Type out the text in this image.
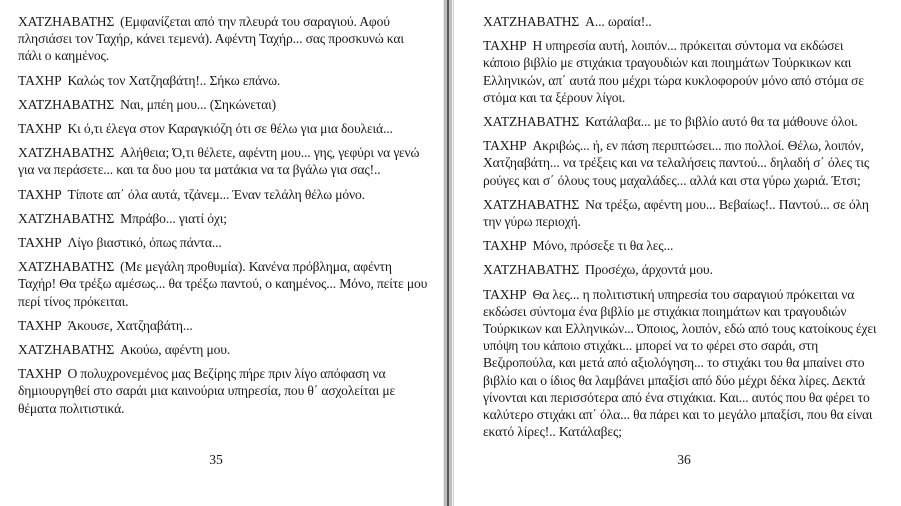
ΧΑΤΖΗΑΒΑΤΗΣ (Εμφανίζεται από την πλευρά του σαραγιού. Αφού πλησιάσει τον Ταχήρ, κάνει τεμενά). Αφέντη Ταχήρ... σας προσκυνώ και πάλι ο καημένος.

ΤΑΧΗΡ Καλώς τον Χατζηαβάτη!.. Σήκω επάνω.

ΧΑΤΖΗΑΒΑΤΗΣ Ναι, μπέη μου... (Σηκώνεται)

ΤΑΧΗΡ Κι ό,τι έλεγα στον Καραγκιόζη ότι σε θέλω για μια δουλειά...

ΧΑΤΖΗΑΒΑΤΗΣ Αλήθεια; Ό,τι θέλετε, αφέντη μου... γης, γεφύρι να γενώ για να περάσετε... και τα δυο μου τα ματάκια να τα βγάλω για σας!..

ΤΑΧΗΡ Τίποτε απ΄ όλα αυτά, τζάνεμ... Έναν τελάλη θέλω μόνο.

ΧΑΤΖΗΑΒΑΤΗΣ Μπράβο... γιατί όχι;

ΤΑΧΗΡ Λίγο βιαστικό, όπως πάντα...

ΧΑΤΖΗΑΒΑΤΗΣ (Με μεγάλη προθυμία). Κανένα πρόβλημα, αφέντη Ταχήρ! Θα τρέξω αμέσως... θα τρέξω παντού, ο καημένος... Μόνο, πείτε μου περί τίνος πρόκειται.

ΤΑΧΗΡ Άκουσε, Χατζηαβάτη...

ΧΑΤΖΗΑΒΑΤΗΣ Ακούω, αφέντη μου.

ΤΑΧΗΡ Ο πολυχρονεμένος μας Βεζίρης πήρε πριν λίγο απόφαση να δημιουργηθεί στο σαράι μια καινούρια υπηρεσία, που θ΄ ασχολείται με θέματα πολιτιστικά.

35

ΧΑΤΖΗΑΒΑΤΗΣ Α... ωραία!..

ΤΑΧΗΡ Η υπηρεσία αυτή, λοιπόν... πρόκειται σύντομα να εκδώσει κάποιο βιβλίο με στιχάκια τραγουδιών και ποιημάτων Τούρκικων και Ελληνικών, απ΄ αυτά που μέχρι τώρα κυκλοφορούν μόνο από στόμα σε στόμα και τα ξέρουν λίγοι.

ΧΑΤΖΗΑΒΑΤΗΣ Κατάλαβα... με το βιβλίο αυτό θα τα μάθουνε όλοι.

ΤΑΧΗΡ Ακριβώς... ή, εν πάση περιπτώσει... πιο πολλοί. Θέλω, λοιπόν, Χατζηαβάτη... να τρέξεις και να τελαλήσεις παντού... δηλαδή σ΄ όλες τις ρούγες και σ΄ όλους τους μαχαλάδες... αλλά και στα γύρω χωριά. Έτσι;

ΧΑΤΖΗΑΒΑΤΗΣ Να τρέξω, αφέντη μου... Βεβαίως!.. Παντού... σε όλη την γύρω περιοχή.

ΤΑΧΗΡ Μόνο, πρόσεξε τι θα λες...

ΧΑΤΖΗΑΒΑΤΗΣ Προσέχω, άρχοντά μου.

ΤΑΧΗΡ Θα λες... η πολιτιστική υπηρεσία του σαραγιού πρόκειται να εκδώσει σύντομα ένα βιβλίο με στιχάκια ποιημάτων και τραγουδιών Τούρκικων και Ελληνικών... Όποιος, λοιπόν, εδώ από τους κατοίκους έχει υπόψη του κάποιο στιχάκι... μπορεί να το φέρει στο σαράι, στη Βεζιροπούλα, και μετά από αξιολόγηση... το στιχάκι του θα μπαίνει στο βιβλίο και ο ίδιος θα λαμβάνει μπαξίσι από δύο μέχρι δέκα λίρες. Δεκτά γίνονται και περισσότερα από ένα στιχάκια. Και... αυτός που θα φέρει το καλύτερο στιχάκι απ΄ όλα... θα πάρει και το μεγάλο μπαξίσι, που θα είναι εκατό λίρες!.. Κατάλαβες;

36
